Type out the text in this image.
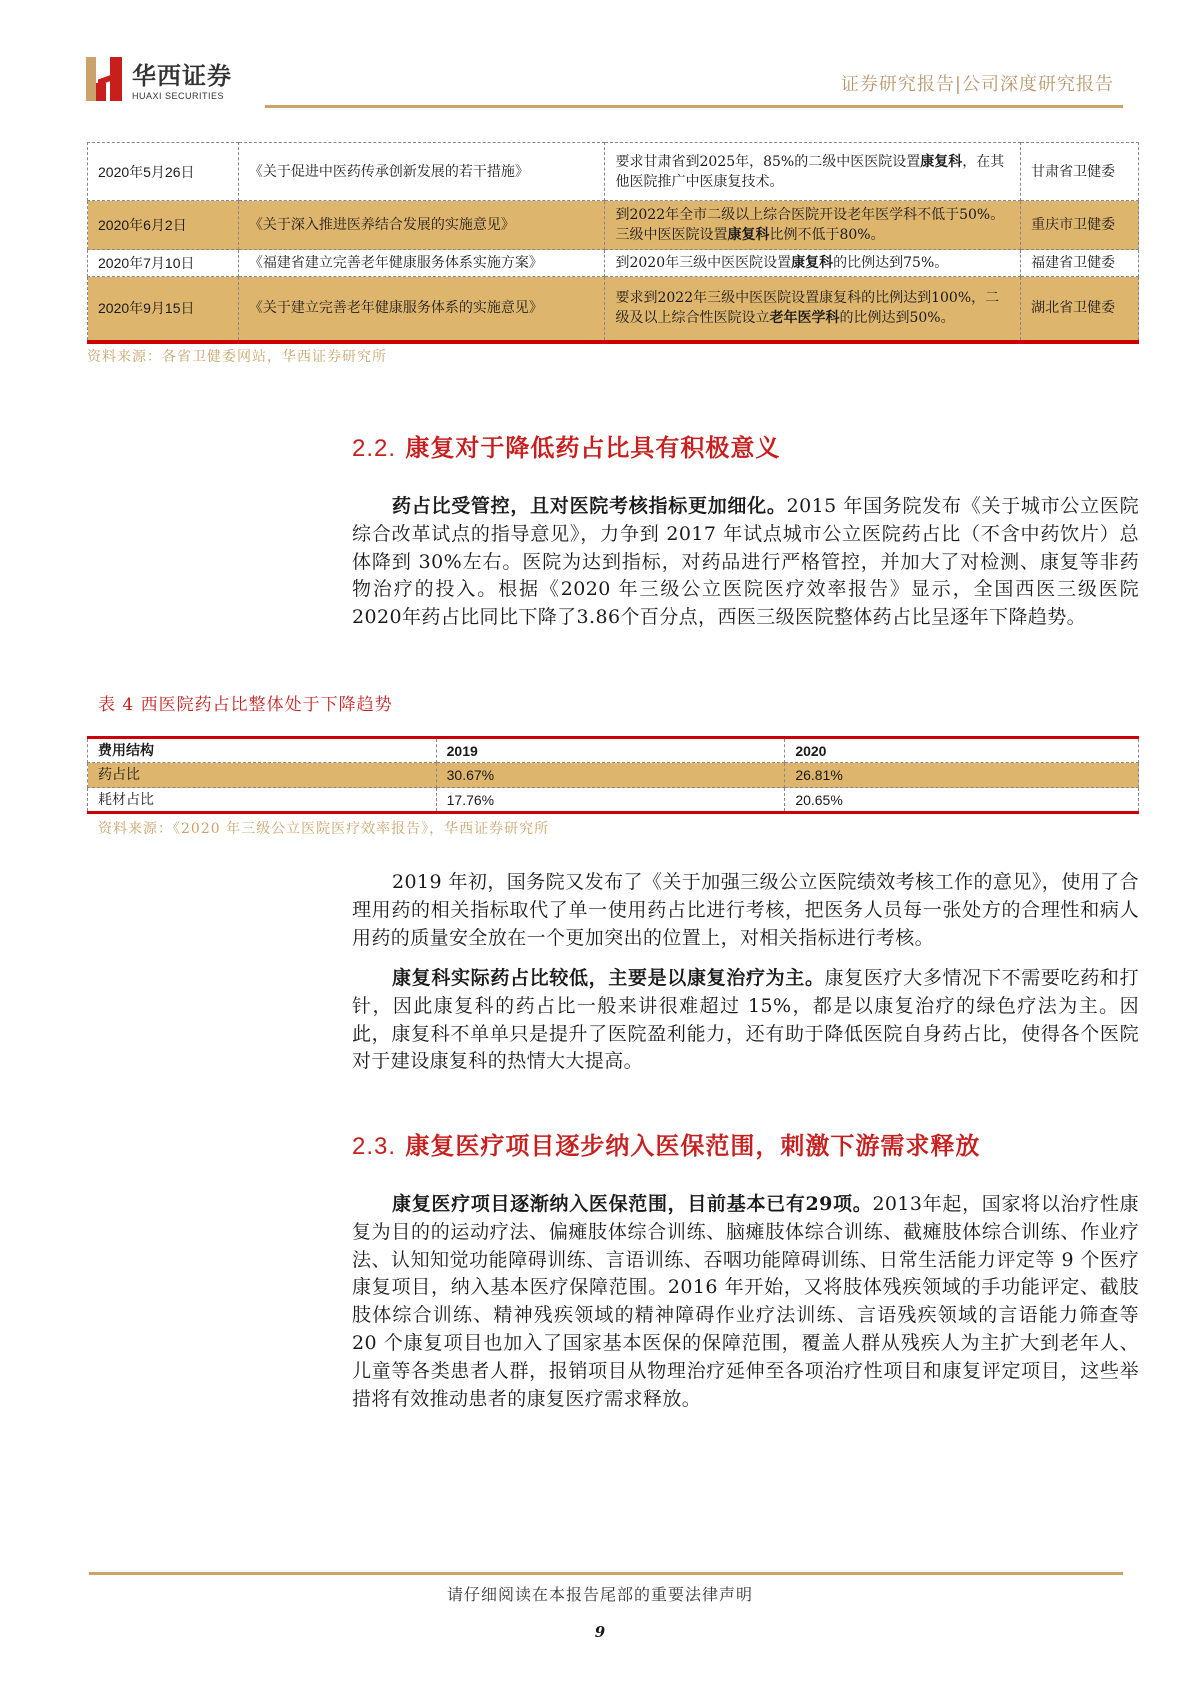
华西证券
HUAXI SECURITIES
证券研究报告|公司深度研究报告
2020年5月26日	《关于促进中医药传承创新发展的若干措施》	要求甘肃省到2025年，85%的二级中医医院设置康复科，在其他医院推广中医康复技术。	甘肃省卫健委
2020年6月2日	《关于深入推进医养结合发展的实施意见》	到2022年全市二级以上综合医院开设老年医学科不低于50%。三级中医医院设置康复科比例不低于80%。	重庆市卫健委
2020年7月10日	《福建省建立完善老年健康服务体系实施方案》	到2020年三级中医医院设置康复科的比例达到75%。	福建省卫健委
2020年9月15日	《关于建立完善老年健康服务体系的实施意见》	要求到2022年三级中医医院设置康复科的比例达到100%，二级及以上综合性医院设立老年医学科的比例达到50%。	湖北省卫健委
资料来源：各省卫健委网站，华西证券研究所
2.2. 康复对于降低药占比具有积极意义
药占比受管控，且对医院考核指标更加细化。2015 年国务院发布《关于城市公立医院综合改革试点的指导意见》，力争到 2017 年试点城市公立医院药占比（不含中药饮片）总体降到 30%左右。医院为达到指标，对药品进行严格管控，并加大了对检测、康复等非药物治疗的投入。根据《2020 年三级公立医院医疗效率报告》显示，全国西医三级医院 2020年药占比同比下降了3.86个百分点，西医三级医院整体药占比呈逐年下降趋势。
表 4 西医院药占比整体处于下降趋势
费用结构	2019	2020
药占比	30.67%	26.81%
耗材占比	17.76%	20.65%
资料来源：《2020 年三级公立医院医疗效率报告》，华西证券研究所
2019 年初，国务院又发布了《关于加强三级公立医院绩效考核工作的意见》，使用了合理用药的相关指标取代了单一使用药占比进行考核，把医务人员每一张处方的合理性和病人用药的质量安全放在一个更加突出的位置上，对相关指标进行考核。
康复科实际药占比较低，主要是以康复治疗为主。康复医疗大多情况下不需要吃药和打针，因此康复科的药占比一般来讲很难超过 15%，都是以康复治疗的绿色疗法为主。因此，康复科不单单只是提升了医院盈利能力，还有助于降低医院自身药占比，使得各个医院对于建设康复科的热情大大提高。
2.3. 康复医疗项目逐步纳入医保范围，刺激下游需求释放
康复医疗项目逐渐纳入医保范围，目前基本已有29项。2013年起，国家将以治疗性康复为目的的运动疗法、偏瘫肢体综合训练、脑瘫肢体综合训练、截瘫肢体综合训练、作业疗法、认知知觉功能障碍训练、言语训练、吞咽功能障碍训练、日常生活能力评定等 9 个医疗康复项目，纳入基本医疗保障范围。2016 年开始，又将肢体残疾领域的手功能评定、截肢肢体综合训练、精神残疾领域的精神障碍作业疗法训练、言语残疾领域的言语能力筛查等 20 个康复项目也加入了国家基本医保的保障范围，覆盖人群从残疾人为主扩大到老年人、儿童等各类患者人群，报销项目从物理治疗延伸至各项治疗性项目和康复评定项目，这些举措将有效推动患者的康复医疗需求释放。
请仔细阅读在本报告尾部的重要法律声明
9
